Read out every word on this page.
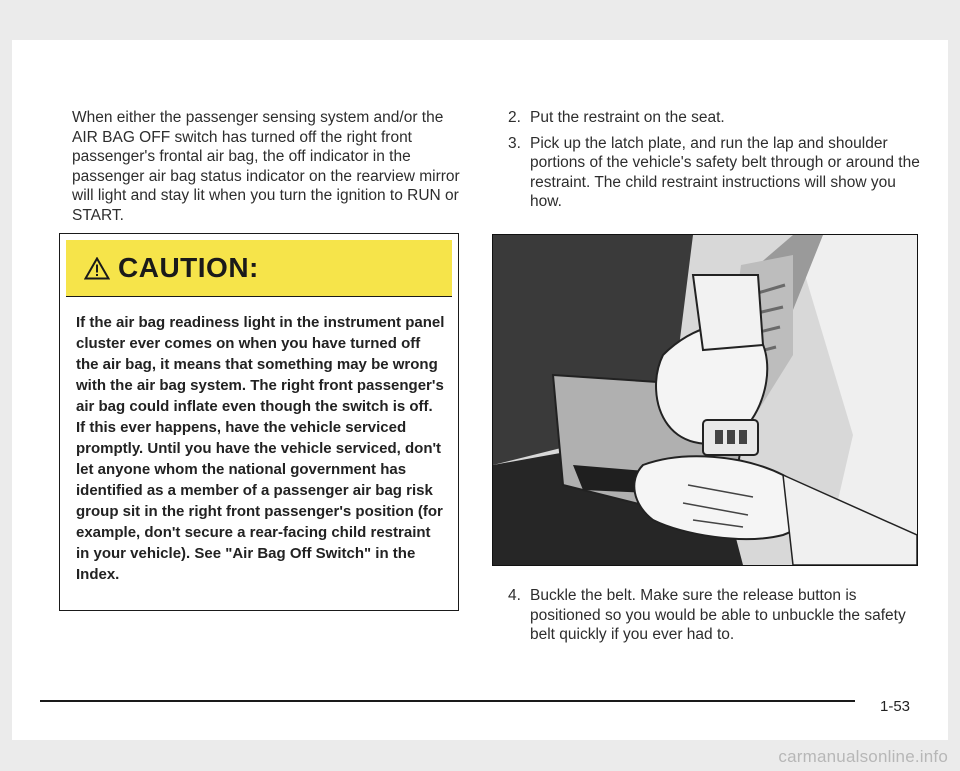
When either the passenger sensing system and/or the AIR BAG OFF switch has turned off the right front passenger's frontal air bag, the off indicator in the passenger air bag status indicator on the rearview mirror will light and stay lit when you turn the ignition to RUN or START.

CAUTION:

If the air bag readiness light in the instrument panel cluster ever comes on when you have turned off the air bag, it means that something may be wrong with the air bag system. The right front passenger's air bag could inflate even though the switch is off. If this ever happens, have the vehicle serviced promptly. Until you have the vehicle serviced, don't let anyone whom the national government has identified as a member of a passenger air bag risk group sit in the right front passenger's position (for example, don't secure a rear-facing child restraint in your vehicle). See "Air Bag Off Switch" in the Index.

2. Put the restraint on the seat.
3. Pick up the latch plate, and run the lap and shoulder portions of the vehicle's safety belt through or around the restraint. The child restraint instructions will show you how.
4. Buckle the belt. Make sure the release button is positioned so you would be able to unbuckle the safety belt quickly if you ever had to.
1-53
carmanualsonline.info
